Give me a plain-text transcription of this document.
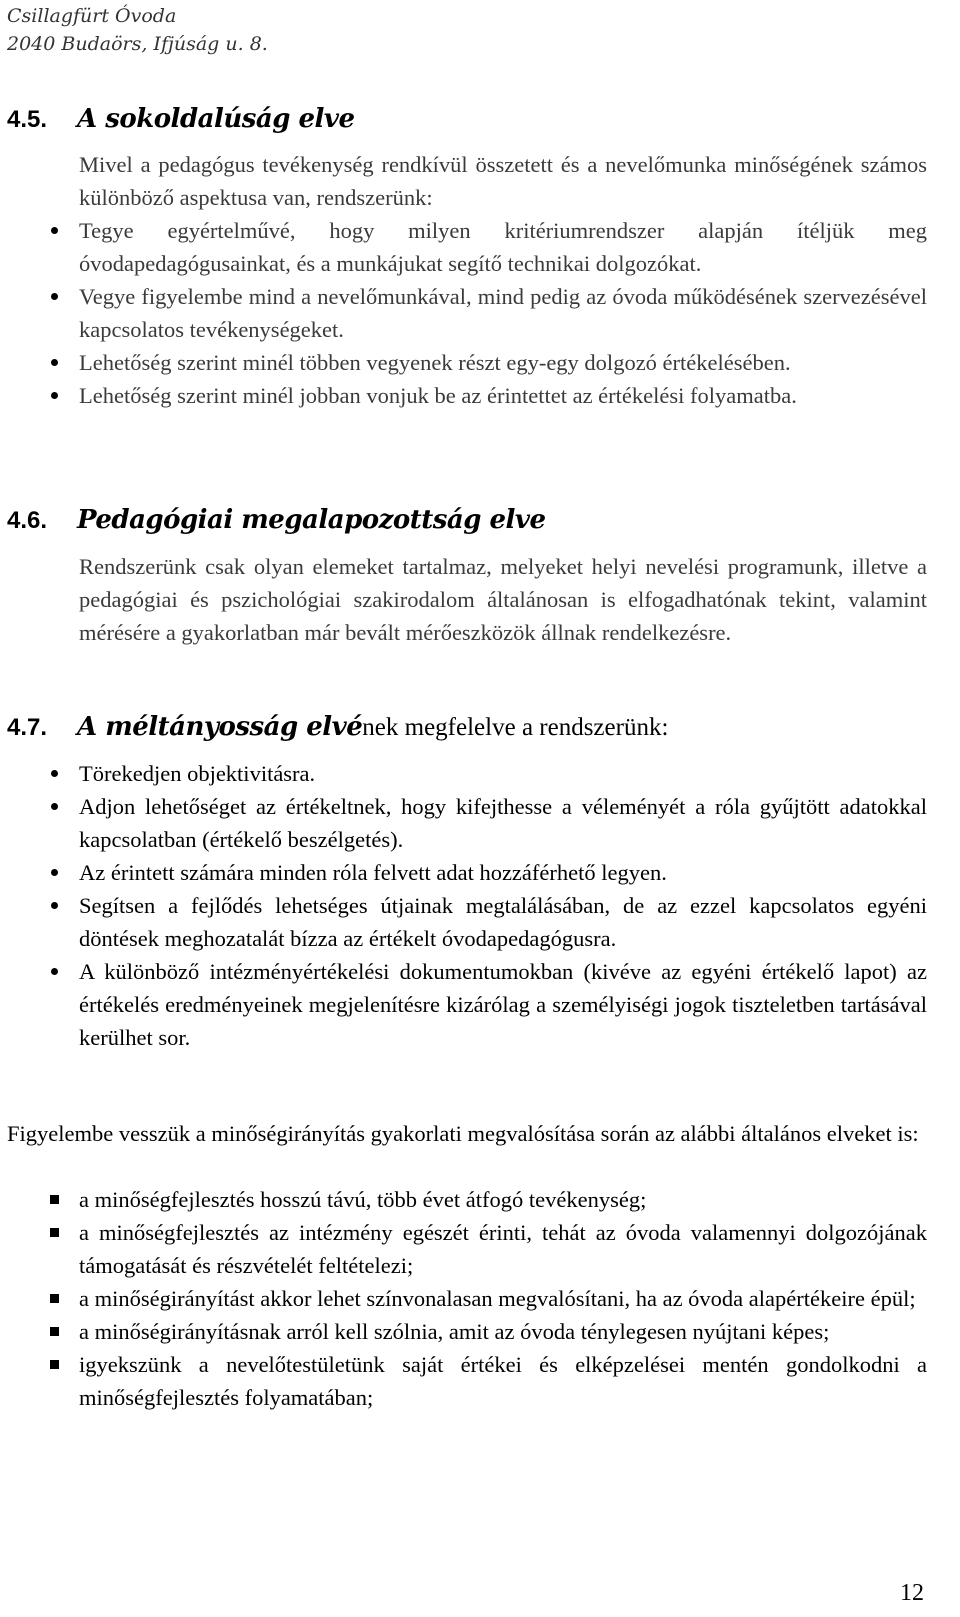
Csillagfürt Óvoda
2040 Budaörs, Ifjúság u. 8.
4.5.	A sokoldalúság elve
Mivel a pedagógus tevékenység rendkívül összetett és a nevelőmunka minőségének számos különböző aspektusa van, rendszerünk:
Tegye egyértelművé, hogy milyen kritériumrendszer alapján ítéljük meg óvodapedagógusainkat, és a munkájukat segítő technikai dolgozókat.
Vegye figyelembe mind a nevelőmunkával, mind pedig az óvoda működésének szervezésével kapcsolatos tevékenységeket.
Lehetőség szerint minél többen vegyenek részt egy-egy dolgozó értékelésében.
Lehetőség szerint minél jobban vonjuk be az érintettet az értékelési folyamatba.
4.6.	Pedagógiai megalapozottság elve
Rendszerünk csak olyan elemeket tartalmaz, melyeket helyi nevelési programunk, illetve a pedagógiai és pszichológiai szakirodalom általánosan is elfogadhatónak tekint, valamint mérésére a gyakorlatban már bevált mérőeszközök állnak rendelkezésre.
4.7.	A méltányosság elvé nek megfelelve a rendszerünk:
Törekedjen objektivitásra.
Adjon lehetőséget az értékeltnek, hogy kifejthesse a véleményét a róla gyűjtött adatokkal kapcsolatban (értékelő beszélgetés).
Az érintett számára minden róla felvett adat hozzáférhető legyen.
Segítsen a fejlődés lehetséges útjainak megtalálásában, de az ezzel kapcsolatos egyéni döntések meghozatalát bízza az értékelt óvodapedagógusra.
A különböző intézményértékelési dokumentumokban (kivéve az egyéni értékelő lapot) az értékelés eredményeinek megjelenítésre kizárólag a személyiségi jogok tiszteletben tartásával kerülhet sor.
Figyelembe vesszük a minőségirányítás gyakorlati megvalósítása során az alábbi általános elveket is:
a minőségfejlesztés hosszú távú, több évet átfogó tevékenység;
a minőségfejlesztés az intézmény egészét érinti, tehát az óvoda valamennyi dolgozójának támogatását és részvételét feltételezi;
a minőségirányítást akkor lehet színvonalasan megvalósítani, ha az óvoda alapértékeire épül;
a minőségirányításnak arról kell szólnia, amit az óvoda ténylegesen nyújtani képes;
igyekszünk a nevelőtestületünk saját értékei és elképzelései mentén gondolkodni a minőségfejlesztés folyamatában;
12
